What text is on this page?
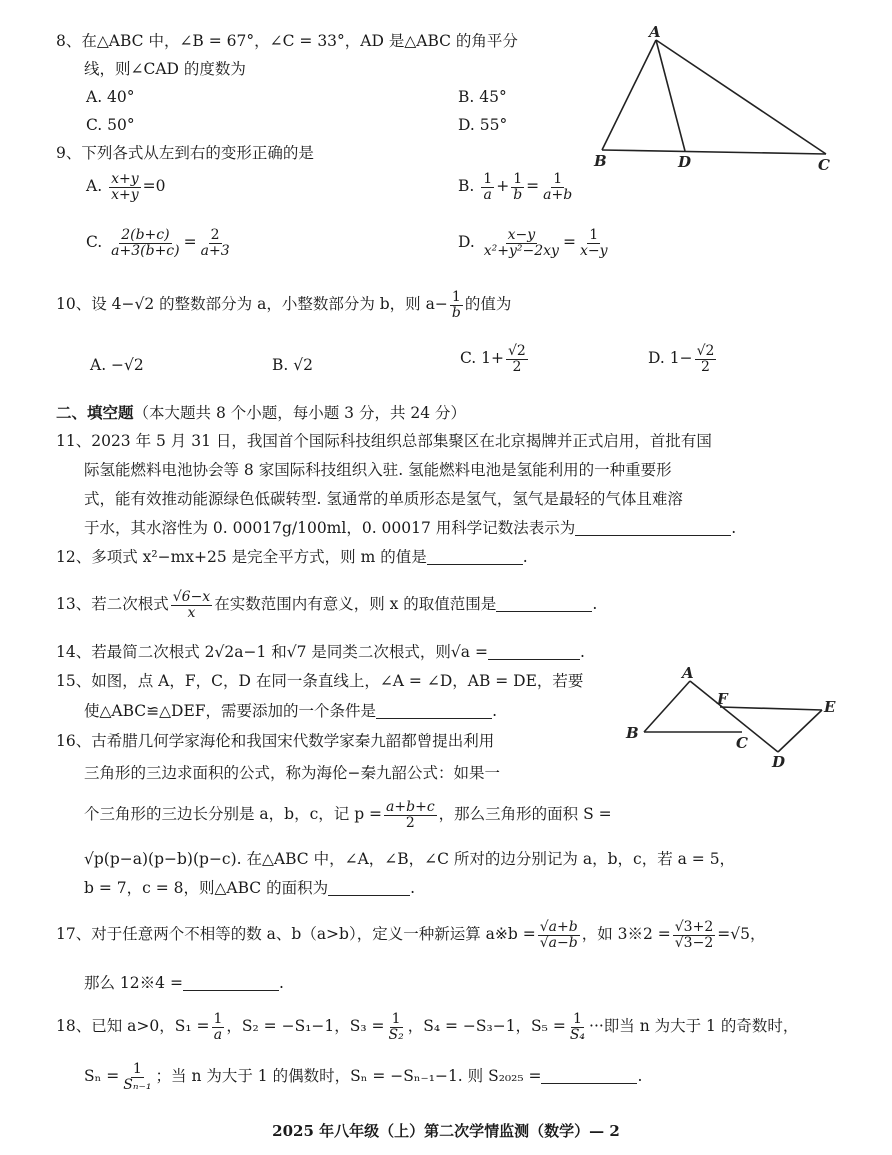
8、在△ABC 中，∠B = 67°，∠C = 33°，AD 是△ABC 的角平分
线，则∠CAD 的度数为
A. 40°	B. 45°
C. 50°	D. 55°
A
B	D	C
9、下列各式从左到右的变形正确的是
A. $\frac{x+y}{x+y} =0$	B. $\frac{1}{a} + \frac{1}{b} = \frac{1}{a+b}$
C. $\frac{2(b+c)}{a+3(b+c)} = \frac{2}{a+3}$	D. $\frac{x-y}{\text{x²+y²−2xy}} = \frac{1}{x-y}$
10、设 4−√2 的整数部分为 a，小整数部分为 b，则 $a- \frac{1}{b}$ 的值为
A. −√2	B. √2	C. $1+ \frac{√2}{2}$	D. $1- \frac{√2}{2}$
二、填空题（本大题共 8 个小题，每小题 3 分，共 24 分）
11、2023 年 5 月 31 日，我国首个国际科技组织总部集聚区在北京揭牌并正式启用，首批有国
际氢能燃料电池协会等 8 家国际科技组织入驻. 氢能燃料电池是氢能利用的一种重要形
式，能有效推动能源绿色低碳转型. 氢通常的单质形态是氢气，氢气是最轻的气体且难溶
于水，其水溶性为 0. 00017g/100ml，0. 00017 用科学记数法表示为	.
12、多项式 x²−mx+25 是完全平方式，则 m 的值是	.
13、若二次根式 $\frac{√6-x}{x}$ 在实数范围内有意义，则 x 的取值范围是	.
14、若最简二次根式 2√2a−1 和√7 是同类二次根式，则√a =	.
15、如图，点 A，F，C，D 在同一条直线上，∠A = ∠D，AB = DE，若要
使△ABC≌△DEF，需要添加的一个条件是	.
A
F	E
B
C
D
16、古希腊几何学家海伦和我国宋代数学家秦九韶都曾提出利用
三角形的三边求面积的公式，称为海伦−秦九韶公式：如果一
个三角形的三边长分别是 a，b，c，记 $p = \frac{a+b+c}{2}$ ，那么三角形的面积 S =
√p(p−a)(p−b)(p−c). 在△ABC 中，∠A，∠B，∠C 所对的边分别记为 a，b，c，若 a = 5，
b = 7，c = 8，则△ABC 的面积为	.
17、对于任意两个不相等的数 a、b（a>b），定义一种新运算 a※b = $\frac{√a+b}{√a-b}$ ，如 3※2 = $\frac{√3+2}{√3-2} =√5$，
那么 12※4 =	.
18、已知 a>0，$S_1 = \frac{1}{a}$ ，S₂ = −S₁−1，$S_3 = \frac{1}{\text{S₂}}$ ，S₄ = −S₃−1，$S_5 = \frac{1}{\text{S₄}}$ ···即当 n 为大于 1 的奇数时，
$S_n = \frac{1}{\text{Sₙ₋₁}}$ ；当 n 为大于 1 的偶数时，Sₙ = −Sₙ₋₁−1. 则 S₂₀₂₅ =	.
2025 年八年级（上）第二次学情监测（数学）— 2
